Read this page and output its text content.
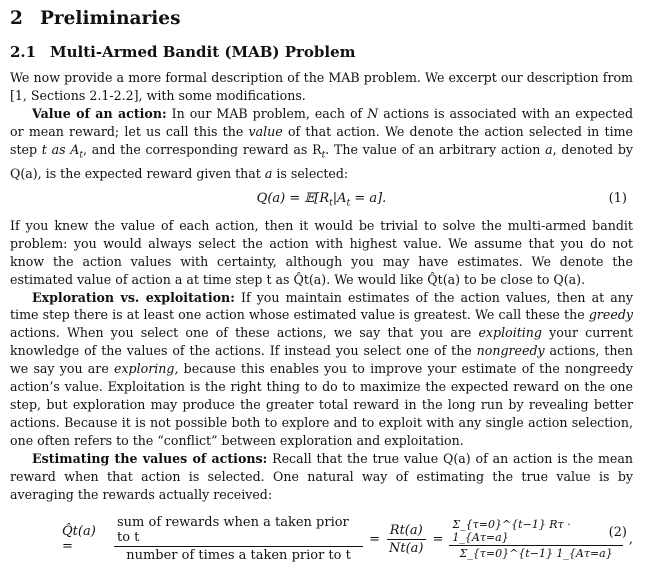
2 Preliminaries
2.1 Multi-Armed Bandit (MAB) Problem

We now provide a more formal description of the MAB problem. We excerpt our description from [1, Sections 2.1-2.2], with some modifications.

Value of an action: In our MAB problem, each of N actions is associated with an expected or mean reward; let us call this the value of that action. We denote the action selected in time step t as $A_t$, and the corresponding reward as $R_t$. The value of an arbitrary action a, denoted by Q(a), is the expected reward given that a is selected:

$Q(a) = 𝔼[R_t|A_t = a]$.	(1)

If you knew the value of each action, then it would be trivial to solve the multi-armed bandit problem: you would always select the action with highest value. We assume that you do not know the action values with certainty, although you may have estimates. We denote the estimated value of action a at time step t as Q̂t(a). We would like Q̂t(a) to be close to Q(a).

Exploration vs. exploitation: If you maintain estimates of the action values, then at any time step there is at least one action whose estimated value is greatest. We call these the greedy actions. When you select one of these actions, we say that you are exploiting your current knowledge of the values of the actions. If instead you select one of the nongreedy actions, then we say you are exploring, because this enables you to improve your estimate of the nongreedy action’s value. Exploitation is the right thing to do to maximize the expected reward on the one step, but exploration may produce the greater total reward in the long run by revealing better actions. Because it is not possible both to explore and to exploit with any single action selection, one often refers to the “conflict” between exploration and exploitation.

Estimating the values of actions: Recall that the true value Q(a) of an action is the mean reward when that action is selected. One natural way of estimating the true value is by averaging the rewards actually received:

Q̂t(a) =	$\frac{\text{sum of rewards when a taken prior to t}}{\text{number of times a taken prior to t}} = \frac{Rt(a)}{Nt(a)} = \frac{\Sigma\_\{\tau=0\}\^{}\{t-1\} R\tau \cdot 1\_\{A\tau=a\}}{\Sigma\_\{\tau=0\}\^{}\{t-1\} 1\_\{A\tau=a\}}$ ,
(2)
